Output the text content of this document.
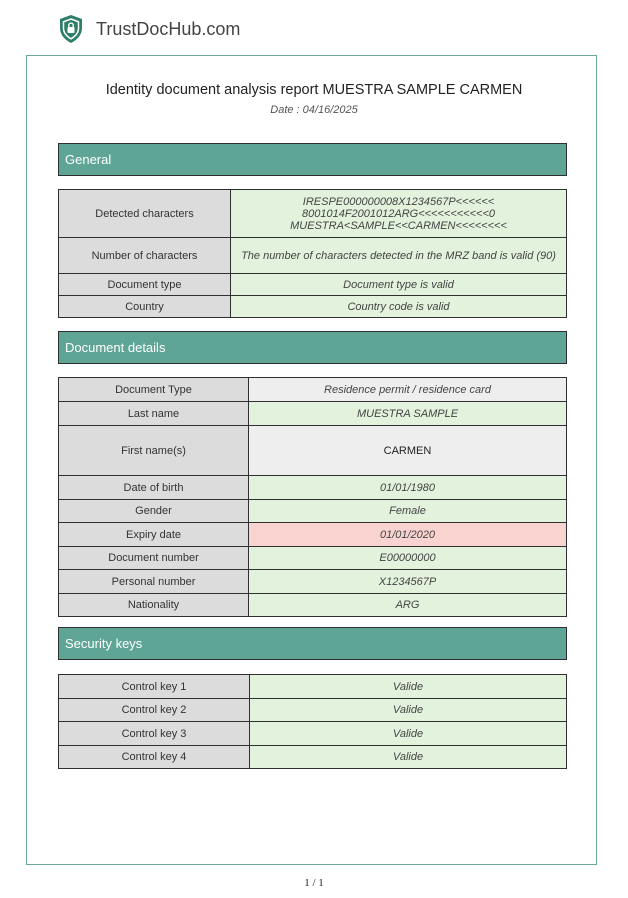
TrustDocHub.com
Identity document analysis report MUESTRA SAMPLE CARMEN
Date : 04/16/2025
General
Detected characters	IRESPE000000008X1234567P<<<<<<
8001014F2001012ARG<<<<<<<<<<<0
MUESTRA<SAMPLE<<CARMEN<<<<<<<<

Number of characters	The number of characters detected in the MRZ band is valid (90)
Document type	Document type is valid
Country	Country code is valid
Document details
Document Type	Residence permit / residence card
Last name	MUESTRA SAMPLE
First name(s)	CARMEN
Date of birth	01/01/1980
Gender	Female
Expiry date	01/01/2020
Document number	E00000000
Personal number	X1234567P
Nationality	ARG
Security keys
Control key 1	Valide
Control key 2	Valide
Control key 3	Valide
Control key 4	Valide
1 / 1
